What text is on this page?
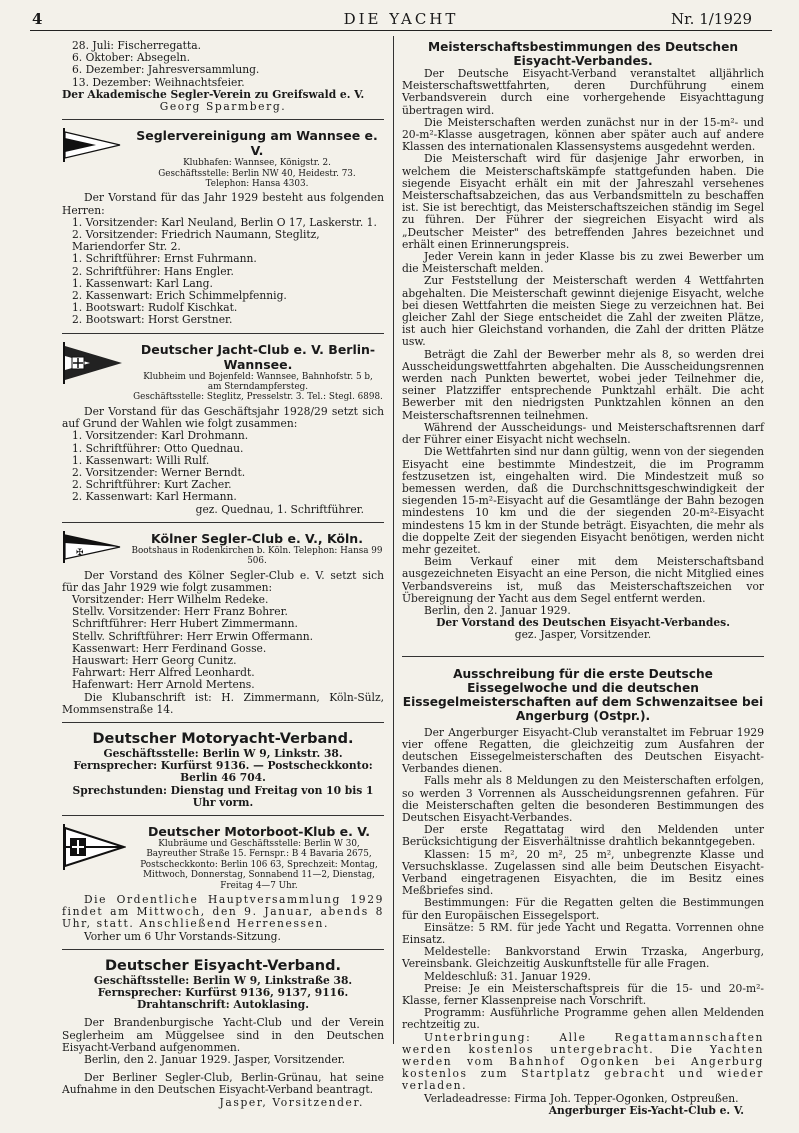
4	DIE YACHT	Nr. 1/1929

28. Juli: Fischerregatta.

6. Oktober: Absegeln.

6. Dezember: Jahresversammlung.

13. Dezember: Weihnachtsfeier.

Der Akademische Segler-Verein zu Greifswald e. V.

Georg Sparmberg.

Seglervereinigung am Wannsee e. V.

Klubhafen: Wannsee, Königstr. 2.

Geschäftsstelle: Berlin NW 40, Heidestr. 73.

Telephon: Hansa 4303.

Der Vorstand für das Jahr 1929 besteht aus folgenden Herren:

1. Vorsitzender: Karl Neuland, Berlin O 17, Laskerstr. 1.

2. Vorsitzender: Friedrich Naumann, Steglitz, Mariendorfer Str. 2.

1. Schriftführer: Ernst Fuhrmann.

2. Schriftführer: Hans Engler.

1. Kassenwart: Karl Lang.

2. Kassenwart: Erich Schimmelpfennig.

1. Bootswart: Rudolf Kischkat.

2. Bootswart: Horst Gerstner.

Deutscher Jacht-Club e. V. Berlin-Wannsee.

Klubheim und Bojenfeld: Wannsee, Bahnhofstr. 5 b,

am Sterndampfersteg.

Geschäftsstelle: Steglitz, Presselstr. 3. Tel.: Stegl. 6898.

Der Vorstand für das Geschäftsjahr 1928/29 setzt sich auf Grund der Wahlen wie folgt zusammen:

1. Vorsitzender: Karl Drohmann.

1. Schriftführer: Otto Quednau.

1. Kassenwart: Willi Rulf.

2. Vorsitzender: Werner Berndt.

2. Schriftführer: Kurt Zacher.

2. Kassenwart: Karl Hermann.

gez. Quednau, 1. Schriftführer.

✠

Kölner Segler-Club e. V., Köln.

Bootshaus in Rodenkirchen b. Köln. Telephon: Hansa 99 506.

Der Vorstand des Kölner Segler-Club e. V. setzt sich für das Jahr 1929 wie folgt zusammen:

Vorsitzender: Herr Wilhelm Redeke.

Stellv. Vorsitzender: Herr Franz Bohrer.

Schriftführer: Herr Hubert Zimmermann.

Stellv. Schriftführer: Herr Erwin Offermann.

Kassenwart: Herr Ferdinand Gosse.

Hauswart: Herr Georg Cunitz.

Fahrwart: Herr Alfred Leonhardt.

Hafenwart: Herr Arnold Mertens.

Die Klubanschrift ist: H. Zimmermann, Köln-Sülz, Mommsenstraße 14.

Deutscher Motoryacht-Verband.

Geschäftsstelle: Berlin W 9, Linkstr. 38.

Fernsprecher: Kurfürst 9136. — Postscheckkonto: Berlin 46 704.

Sprechstunden: Dienstag und Freitag von 10 bis 1 Uhr vorm.

Deutscher Motorboot-Klub e. V.

Klubräume und Geschäftsstelle: Berlin W 30, Bayreuther Straße 15. Fernspr.: B 4 Bavaria 2675, Postscheckkonto: Berlin 106 63, Sprechzeit: Montag, Mittwoch, Donnerstag, Sonnabend 11—2, Dienstag, Freitag 4—7 Uhr.

Die Ordentliche Hauptversammlung 1929 findet am Mittwoch, den 9. Januar, abends 8 Uhr, statt. Anschließend Herrenessen.

Vorher um 6 Uhr Vorstands-Sitzung.

Deutscher Eisyacht-Verband.

Geschäftsstelle: Berlin W 9, Linkstraße 38.

Fernsprecher: Kurfürst 9136, 9137, 9116.

Drahtanschrift: Autoklasing.

Der Brandenburgische Yacht-Club und der Verein Seglerheim am Müggelsee sind in den Deutschen Eisyacht-Verband aufgenommen.

Berlin, den 2. Januar 1929. Jasper, Vorsitzender.

Der Berliner Segler-Club, Berlin-Grünau, hat seine Aufnahme in den Deutschen Eisyacht-Verband beantragt.

Jasper, Vorsitzender.

Meisterschaftsbestimmungen des Deutschen Eisyacht-Verbandes.

Der Deutsche Eisyacht-Verband veranstaltet alljährlich Meisterschaftswettfahrten, deren Durchführung einem Verbandsverein durch eine vorhergehende Eisyachttagung übertragen wird.

Die Meisterschaften werden zunächst nur in der 15-m²- und 20-m²-Klasse ausgetragen, können aber später auch auf andere Klassen des internationalen Klassensystems ausgedehnt werden.

Die Meisterschaft wird für dasjenige Jahr erworben, in welchem die Meisterschaftskämpfe stattgefunden haben. Die siegende Eisyacht erhält ein mit der Jahreszahl versehenes Meisterschaftsabzeichen, das aus Verbandsmitteln zu beschaffen ist. Sie ist berechtigt, das Meisterschaftszeichen ständig im Segel zu führen. Der Führer der siegreichen Eisyacht wird als „Deutscher Meister" des betreffenden Jahres bezeichnet und erhält einen Erinnerungspreis.

Jeder Verein kann in jeder Klasse bis zu zwei Bewerber um die Meisterschaft melden.

Zur Feststellung der Meisterschaft werden 4 Wettfahrten abgehalten. Die Meisterschaft gewinnt diejenige Eisyacht, welche bei diesen Wettfahrten die meisten Siege zu verzeichnen hat. Bei gleicher Zahl der Siege entscheidet die Zahl der zweiten Plätze, ist auch hier Gleichstand vorhanden, die Zahl der dritten Plätze usw.

Beträgt die Zahl der Bewerber mehr als 8, so werden drei Ausscheidungswettfahrten abgehalten. Die Ausscheidungsrennen werden nach Punkten bewertet, wobei jeder Teilnehmer die, seiner Platzziffer entsprechende Punktzahl erhält. Die acht Bewerber mit den niedrigsten Punktzahlen können an den Meisterschaftsrennen teilnehmen.

Während der Ausscheidungs- und Meisterschaftsrennen darf der Führer einer Eisyacht nicht wechseln.

Die Wettfahrten sind nur dann gültig, wenn von der siegenden Eisyacht eine bestimmte Mindestzeit, die im Programm festzusetzen ist, eingehalten wird. Die Mindestzeit muß so bemessen werden, daß die Durchschnittsgeschwindigkeit der siegenden 15-m²-Eisyacht auf die Gesamtlänge der Bahn bezogen mindestens 10 km und die der siegenden 20-m²-Eisyacht mindestens 15 km in der Stunde beträgt. Eisyachten, die mehr als die doppelte Zeit der siegenden Eisyacht benötigen, werden nicht mehr gezeitet.

Beim Verkauf einer mit dem Meisterschaftsband ausgezeichneten Eisyacht an eine Person, die nicht Mitglied eines Verbandsvereins ist, muß das Meisterschaftszeichen vor Übereignung der Yacht aus dem Segel entfernt werden.

Berlin, den 2. Januar 1929.

Der Vorstand des Deutschen Eisyacht-Verbandes.

gez. Jasper, Vorsitzender.

Ausschreibung für die erste Deutsche Eissegelwoche und die deutschen Eissegelmeisterschaften auf dem Schwenzaitsee bei Angerburg (Ostpr.).

Der Angerburger Eisyacht-Club veranstaltet im Februar 1929 vier offene Regatten, die gleichzeitig zum Ausfahren der deutschen Eissegelmeisterschaften des Deutschen Eisyacht-Verbandes dienen.

Falls mehr als 8 Meldungen zu den Meisterschaften erfolgen, so werden 3 Vorrennen als Ausscheidungsrennen gefahren. Für die Meisterschaften gelten die besonderen Bestimmungen des Deutschen Eisyacht-Verbandes.

Der erste Regattatag wird den Meldenden unter Berücksichtigung der Eisverhältnisse drahtlich bekanntgegeben.

Klassen: 15 m², 20 m², 25 m², unbegrenzte Klasse und Versuchsklasse. Zugelassen sind alle beim Deutschen Eisyacht-Verband eingetragenen Eisyachten, die im Besitz eines Meßbriefes sind.

Bestimmungen: Für die Regatten gelten die Bestimmungen für den Europäischen Eissegelsport.

Einsätze: 5 RM. für jede Yacht und Regatta. Vorrennen ohne Einsatz.

Meldestelle: Bankvorstand Erwin Trzaska, Angerburg, Vereinsbank. Gleichzeitig Auskunftstelle für alle Fragen.

Meldeschluß: 31. Januar 1929.

Preise: Je ein Meisterschaftspreis für die 15- und 20-m²-Klasse, ferner Klassenpreise nach Vorschrift.

Programm: Ausführliche Programme gehen allen Meldenden rechtzeitig zu.

Unterbringung: Alle Regattamannschaften werden kostenlos untergebracht. Die Yachten werden vom Bahnhof Ogonken bei Angerburg kostenlos zum Startplatz gebracht und wieder verladen.

Verladeadresse: Firma Joh. Tepper-Ogonken, Ostpreußen.

Angerburger Eis-Yacht-Club e. V.
